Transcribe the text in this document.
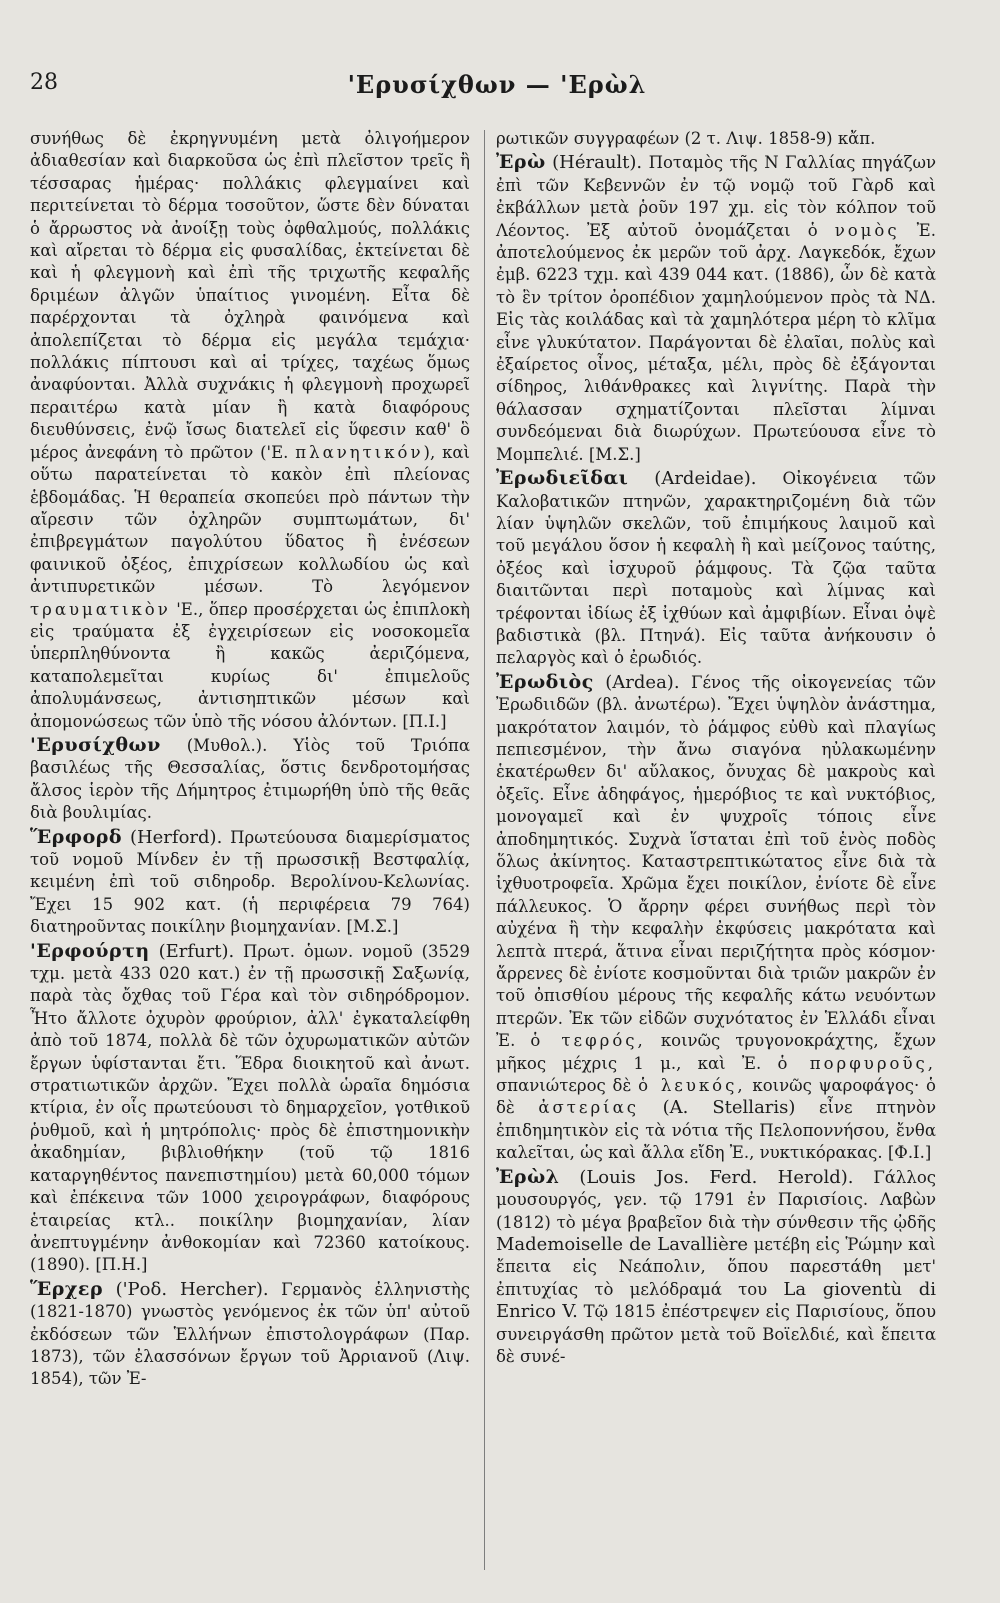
28	'Ερυσίχθων — 'Ερὼλ

συνήθως δὲ ἐκρηγνυμένη μετὰ ὀλιγοήμερον ἀδιαθεσίαν καὶ διαρκοῦσα ὡς ἐπὶ πλεῖστον τρεῖς ἢ τέσσαρας ἡμέρας· πολλάκις φλεγμαίνει καὶ περιτείνεται τὸ δέρμα τοσοῦτον, ὥστε δὲν δύναται ὁ ἄρρωστος νὰ ἀνοίξῃ τοὺς ὀφθαλμούς, πολλάκις καὶ αἴρεται τὸ δέρμα εἰς φυσαλίδας, ἐκτείνεται δὲ καὶ ἡ φλεγμονὴ καὶ ἐπὶ τῆς τριχωτῆς κεφαλῆς δριμέων ἀλγῶν ὑπαίτιος γινομένη. Εἶτα δὲ παρέρχονται τὰ ὀχληρὰ φαινόμενα καὶ ἀπολεπίζεται τὸ δέρμα εἰς μεγάλα τεμάχια· πολλάκις πίπτουσι καὶ αἱ τρίχες, ταχέως ὅμως ἀναφύονται. Ἀλλὰ συχνάκις ἡ φλεγμονὴ προχωρεῖ περαιτέρω κατὰ μίαν ἢ κατὰ διαφόρους διευθύνσεις, ἐνῷ ἴσως διατελεῖ εἰς ὕφεσιν καθ' ὃ μέρος ἀνεφάνη τὸ πρῶτον ('Ε. πλανητικόν), καὶ οὕτω παρατείνεται τὸ κακὸν ἐπὶ πλείονας ἑβδομάδας. Ἡ θεραπεία σκοπεύει πρὸ πάντων τὴν αἴρεσιν τῶν ὀχληρῶν συμπτωμάτων, δι' ἐπιβρεγμάτων παγολύτου ὕδατος ἢ ἐνέσεων φαινικοῦ ὀξέος, ἐπιχρίσεων κολλωδίου ὡς καὶ ἀντιπυρετικῶν μέσων. Τὸ λεγόμενον τραυματικὸν 'Ε., ὅπερ προσέρχεται ὡς ἐπιπλοκὴ εἰς τραύματα ἐξ ἐγχειρίσεων εἰς νοσοκομεῖα ὑπερπληθύνοντα ἢ κακῶς ἀεριζόμενα, καταπολεμεῖται κυρίως δι' ἐπιμελοῦς ἀπολυμάνσεως, ἀντισηπτικῶν μέσων καὶ ἀπομονώσεως τῶν ὑπὸ τῆς νόσου ἀλόντων. [Π.Ι.]

'Ερυσίχθων (Μυθολ.). Υἱὸς τοῦ Τριόπα βασιλέως τῆς Θεσσαλίας, ὅστις δενδροτομήσας ἄλσος ἱερὸν τῆς Δήμητρος ἐτιμωρήθη ὑπὸ τῆς θεᾶς διὰ βουλιμίας.

Ἕρφορδ (Herford). Πρωτεύουσα διαμερίσματος τοῦ νομοῦ Μίνδεν ἐν τῇ πρωσσικῇ Βεστφαλίᾳ, κειμένη ἐπὶ τοῦ σιδηροδρ. Βερολίνου-Κελωνίας. Ἔχει 15 902 κατ. (ἡ περιφέρεια 79 764) διατηροῦντας ποικίλην βιομηχανίαν. [Μ.Σ.]

'Ερφούρτη (Erfurt). Πρωτ. ὁμων. νομοῦ (3529 τχμ. μετὰ 433 020 κατ.) ἐν τῇ πρωσσικῇ Σαξωνίᾳ, παρὰ τὰς ὄχθας τοῦ Γέρα καὶ τὸν σιδηρόδρομον. Ἦτο ἄλλοτε ὀχυρὸν φρούριον, ἀλλ' ἐγκαταλείφθη ἀπὸ τοῦ 1874, πολλὰ δὲ τῶν ὀχυρωματικῶν αὐτῶν ἔργων ὑφίστανται ἔτι. Ἕδρα διοικητοῦ καὶ ἀνωτ. στρατιωτικῶν ἀρχῶν. Ἔχει πολλὰ ὡραῖα δημόσια κτίρια, ἐν οἷς πρωτεύουσι τὸ δημαρχεῖον, γοτθικοῦ ῥυθμοῦ, καὶ ἡ μητρόπολις· πρὸς δὲ ἐπιστημονικὴν ἀκαδημίαν, βιβλιοθήκην (τοῦ τῷ 1816 καταργηθέντος πανεπιστημίου) μετὰ 60,000 τόμων καὶ ἐπέκεινα τῶν 1000 χειρογράφων, διαφόρους ἑταιρείας κτλ.. ποικίλην βιομηχανίαν, λίαν ἀνεπτυγμένην ἀνθοκομίαν καὶ 72360 κατοίκους. (1890). [Π.Η.]

Ἕρχερ ('Ροδ. Hercher). Γερμανὸς ἑλληνιστὴς (1821-1870) γνωστὸς γενόμενος ἐκ τῶν ὑπ' αὐτοῦ ἐκδόσεων τῶν Ἑλλήνων ἐπιστολογράφων (Παρ. 1873), τῶν ἐλασσόνων ἔργων τοῦ Ἀρριανοῦ (Λιψ. 1854), τῶν Ἐ-

ρωτικῶν συγγραφέων (2 τ. Λιψ. 1858-9) κἄπ.

Ἐρὼ (Hérault). Ποταμὸς τῆς Ν Γαλλίας πηγάζων ἐπὶ τῶν Κεβεννῶν ἐν τῷ νομῷ τοῦ Γὰρδ καὶ ἐκβάλλων μετὰ ῥοῦν 197 χμ. εἰς τὸν κόλπον τοῦ Λέοντος. Ἐξ αὐτοῦ ὀνομάζεται ὁ νομὸς Ἐ. ἀποτελούμενος ἐκ μερῶν τοῦ ἀρχ. Λαγκεδόκ, ἔχων ἐμβ. 6223 τχμ. καὶ 439 044 κατ. (1886), ὧν δὲ κατὰ τὸ ἓν τρίτον ὀροπέδιον χαμηλούμενον πρὸς τὰ ΝΔ. Εἰς τὰς κοιλάδας καὶ τὰ χαμηλότερα μέρη τὸ κλῖμα εἶνε γλυκύτατον. Παράγονται δὲ ἐλαῖαι, πολὺς καὶ ἐξαίρετος οἶνος, μέταξα, μέλι, πρὸς δὲ ἐξάγονται σίδηρος, λιθάνθρακες καὶ λιγνίτης. Παρὰ τὴν θάλασσαν σχηματίζονται πλεῖσται λίμναι συνδεόμεναι διὰ διωρύχων. Πρωτεύουσα εἶνε τὸ Μομπελιέ. [Μ.Σ.]

Ἐρωδιεῖδαι (Ardeidae). Οἰκογένεια τῶν Καλοβατικῶν πτηνῶν, χαρακτηριζομένη διὰ τῶν λίαν ὑψηλῶν σκελῶν, τοῦ ἐπιμήκους λαιμοῦ καὶ τοῦ μεγάλου ὅσον ἡ κεφαλὴ ἢ καὶ μείζονος ταύτης, ὀξέος καὶ ἰσχυροῦ ῥάμφους. Τὰ ζῷα ταῦτα διαιτῶνται περὶ ποταμοὺς καὶ λίμνας καὶ τρέφονται ἰδίως ἐξ ἰχθύων καὶ ἀμφιβίων. Εἶναι ὀψὲ βαδιστικὰ (βλ. Πτηνά). Εἰς ταῦτα ἀνήκουσιν ὁ πελαργὸς καὶ ὁ ἐρωδιός.

Ἐρωδιὸς (Ardea). Γένος τῆς οἰκογενείας τῶν Ἐρωδιιδῶν (βλ. ἀνωτέρω). Ἔχει ὑψηλὸν ἀνάστημα, μακρότατον λαιμόν, τὸ ῥάμφος εὐθὺ καὶ πλαγίως πεπιεσμένον, τὴν ἄνω σιαγόνα ηὐλακωμένην ἑκατέρωθεν δι' αὔλακος, ὄνυχας δὲ μακροὺς καὶ ὀξεῖς. Εἶνε ἀδηφάγος, ἡμερόβιος τε καὶ νυκτόβιος, μονογαμεῖ καὶ ἐν ψυχροῖς τόποις εἶνε ἀποδημητικός. Συχνὰ ἵσταται ἐπὶ τοῦ ἑνὸς ποδὸς ὅλως ἀκίνητος. Καταστρεπτικώτατος εἶνε διὰ τὰ ἰχθυοτροφεῖα. Χρῶμα ἔχει ποικίλον, ἐνίοτε δὲ εἶνε πάλλευκος. Ὁ ἄρρην φέρει συνήθως περὶ τὸν αὐχένα ἢ τὴν κεφαλὴν ἐκφύσεις μακρότατα καὶ λεπτὰ πτερά, ἅτινα εἶναι περιζήτητα πρὸς κόσμον· ἄρρενες δὲ ἐνίοτε κοσμοῦνται διὰ τριῶν μακρῶν ἐν τοῦ ὀπισθίου μέρους τῆς κεφαλῆς κάτω νευόντων πτερῶν. Ἐκ τῶν εἰδῶν συχνότατος ἐν Ἑλλάδι εἶναι Ἐ. ὁ τεφρός, κοινῶς τρυγονοκράχτης, ἔχων μῆκος μέχρις 1 μ., καὶ Ἐ. ὁ πορφυροῦς, σπανιώτερος δὲ ὁ λευκός, κοινῶς ψαροφάγος· ὁ δὲ ἀστερίας (A. Stellaris) εἶνε πτηνὸν ἐπιδημητικὸν εἰς τὰ νότια τῆς Πελοποννήσου, ἔνθα καλεῖται, ὡς καὶ ἄλλα εἴδη Ἐ., νυκτικόρακας. [Φ.Ι.]

Ἐρὼλ (Louis Jos. Ferd. Herold). Γάλλος μουσουργός, γεν. τῷ 1791 ἐν Παρισίοις. Λαβὼν (1812) τὸ μέγα βραβεῖον διὰ τὴν σύνθεσιν τῆς ᾠδῆς Mademoiselle de Lavallière μετέβη εἰς Ῥώμην καὶ ἔπειτα εἰς Νεάπολιν, ὅπου παρεστάθη μετ' ἐπιτυχίας τὸ μελόδραμά του La gioventù di Enrico V. Τῷ 1815 ἐπέστρεψεν εἰς Παρισίους, ὅπου συνειργάσθη πρῶτον μετὰ τοῦ Βοϊελδιέ, καὶ ἔπειτα δὲ συνέ-
